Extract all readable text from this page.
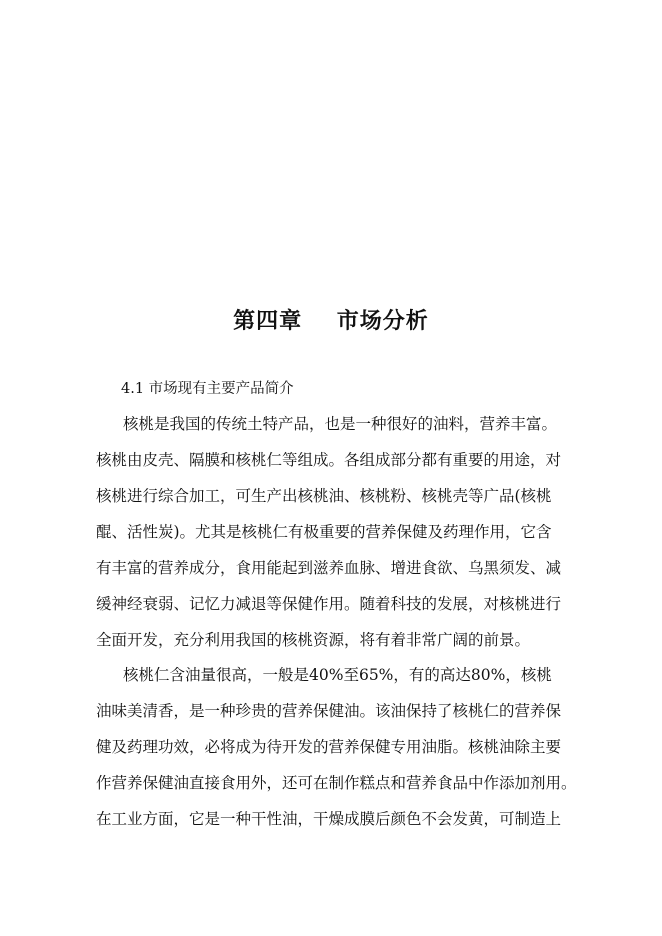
第四章    市场分析
4.1 市场现有主要产品简介
核桃是我国的传统土特产品，也是一种很好的油料，营养丰富。
核桃由皮壳、隔膜和核桃仁等组成。各组成部分都有重要的用途，对
核桃进行综合加工，可生产出核桃油、核桃粉、核桃壳等广品(核桃
醌、活性炭)。尤其是核桃仁有极重要的营养保健及药理作用，它含
有丰富的营养成分，食用能起到滋养血脉、增进食欲、乌黑须发、减
缓神经衰弱、记忆力减退等保健作用。随着科技的发展，对核桃进行
全面开发，充分利用我国的核桃资源，将有着非常广阔的前景。
核桃仁含油量很高，一般是40%至65%，有的高达80%，核桃
油味美清香，是一种珍贵的营养保健油。该油保持了核桃仁的营养保
健及药理功效，必将成为待开发的营养保健专用油脂。核桃油除主要
作营养保健油直接食用外，还可在制作糕点和营养食品中作添加剂用。
在工业方面，它是一种干性油，干燥成膜后颜色不会发黄，可制造上
